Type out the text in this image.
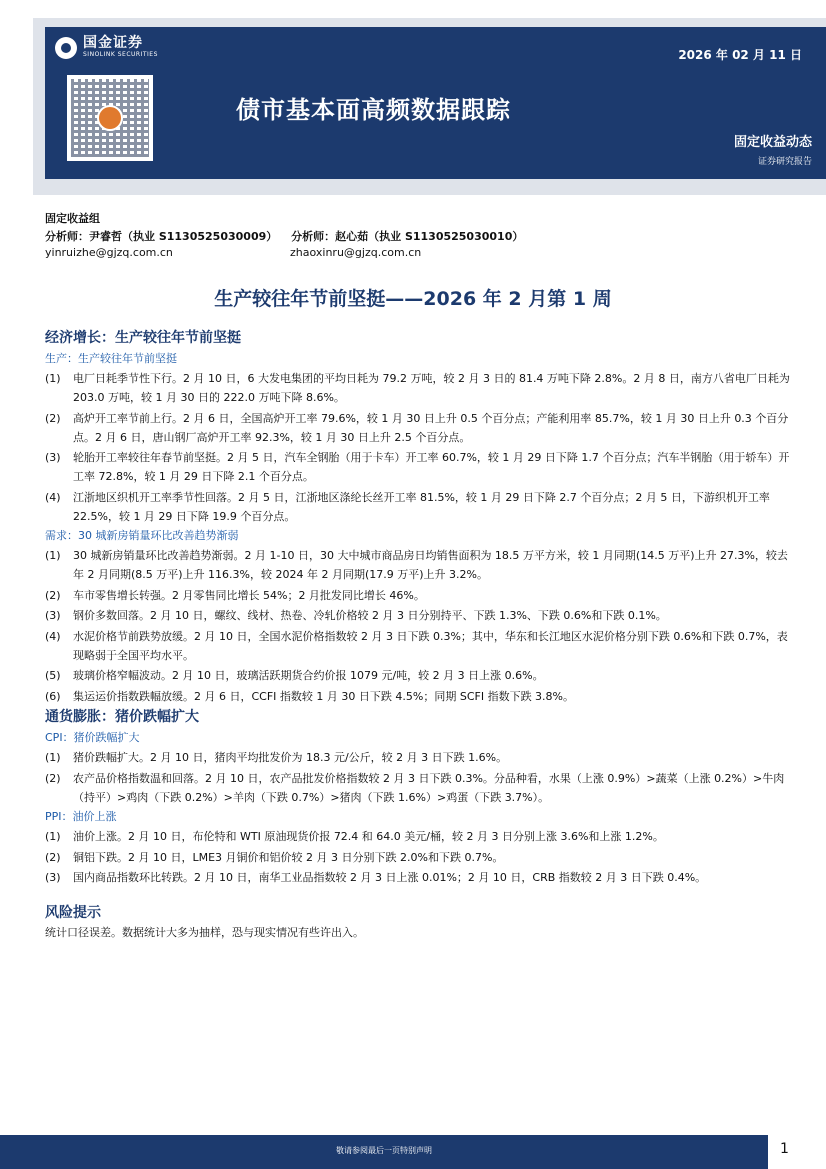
国金证券
SINOLINK SECURITIES	2026 年 02 月 11 日
债市基本面高频数据跟踪
固定收益动态
证券研究报告
固定收益组
分析师：尹睿哲（执业 S1130525030009） 分析师：赵心茹（执业 S1130525030010）
yinruizhe@gjzq.com.cn	zhaoxinru@gjzq.com.cn
生产较往年节前坚挺——2026 年 2 月第 1 周
经济增长：生产较往年节前坚挺
生产：生产较往年节前坚挺
(1)	电厂日耗季节性下行。2 月 10 日，6 大发电集团的平均日耗为 79.2 万吨，较 2 月 3 日的 81.4 万吨下降 2.8%。2 月 8 日，南方八省电厂日耗为 203.0 万吨，较 1 月 30 日的 222.0 万吨下降 8.6%。
(2)	高炉开工率节前上行。2 月 6 日，全国高炉开工率 79.6%，较 1 月 30 日上升 0.5 个百分点；产能利用率 85.7%，较 1 月 30 日上升 0.3 个百分点。2 月 6 日，唐山钢厂高炉开工率 92.3%，较 1 月 30 日上升 2.5 个百分点。
(3)	轮胎开工率较往年春节前坚挺。2 月 5 日，汽车全钢胎（用于卡车）开工率 60.7%，较 1 月 29 日下降 1.7 个百分点；汽车半钢胎（用于轿车）开工率 72.8%，较 1 月 29 日下降 2.1 个百分点。
(4)	江浙地区织机开工率季节性回落。2 月 5 日，江浙地区涤纶长丝开工率 81.5%，较 1 月 29 日下降 2.7 个百分点；2 月 5 日，下游织机开工率 22.5%，较 1 月 29 日下降 19.9 个百分点。
需求：30 城新房销量环比改善趋势渐弱
(1)	30 城新房销量环比改善趋势渐弱。2 月 1-10 日，30 大中城市商品房日均销售面积为 18.5 万平方米，较 1 月同期(14.5 万平)上升 27.3%，较去年 2 月同期(8.5 万平)上升 116.3%，较 2024 年 2 月同期(17.9 万平)上升 3.2%。
(2)	车市零售增长转强。2 月零售同比增长 54%；2 月批发同比增长 46%。
(3)	钢价多数回落。2 月 10 日，螺纹、线材、热卷、冷轧价格较 2 月 3 日分别持平、下跌 1.3%、下跌 0.6%和下跌 0.1%。
(4)	水泥价格节前跌势放缓。2 月 10 日，全国水泥价格指数较 2 月 3 日下跌 0.3%；其中，华东和长江地区水泥价格分别下跌 0.6%和下跌 0.7%，表现略弱于全国平均水平。
(5)	玻璃价格窄幅波动。2 月 10 日，玻璃活跃期货合约价报 1079 元/吨，较 2 月 3 日上涨 0.6%。
(6)	集运运价指数跌幅放缓。2 月 6 日，CCFI 指数较 1 月 30 日下跌 4.5%；同期 SCFI 指数下跌 3.8%。
通货膨胀：猪价跌幅扩大
CPI：猪价跌幅扩大
(1)	猪价跌幅扩大。2 月 10 日，猪肉平均批发价为 18.3 元/公斤，较 2 月 3 日下跌 1.6%。
(2)	农产品价格指数温和回落。2 月 10 日，农产品批发价格指数较 2 月 3 日下跌 0.3%。分品种看，水果（上涨 0.9%）>蔬菜（上涨 0.2%）>牛肉（持平）>鸡肉（下跌 0.2%）>羊肉（下跌 0.7%）>猪肉（下跌 1.6%）>鸡蛋（下跌 3.7%）。
PPI：油价上涨
(1)	油价上涨。2 月 10 日，布伦特和 WTI 原油现货价报 72.4 和 64.0 美元/桶，较 2 月 3 日分别上涨 3.6%和上涨 1.2%。
(2)	铜铝下跌。2 月 10 日，LME3 月铜价和铝价较 2 月 3 日分别下跌 2.0%和下跌 0.7%。
(3)	国内商品指数环比转跌。2 月 10 日，南华工业品指数较 2 月 3 日上涨 0.01%；2 月 10 日，CRB 指数较 2 月 3 日下跌 0.4%。
风险提示
统计口径误差。数据统计大多为抽样，恐与现实情况有些许出入。
敬请参阅最后一页特别声明	1
